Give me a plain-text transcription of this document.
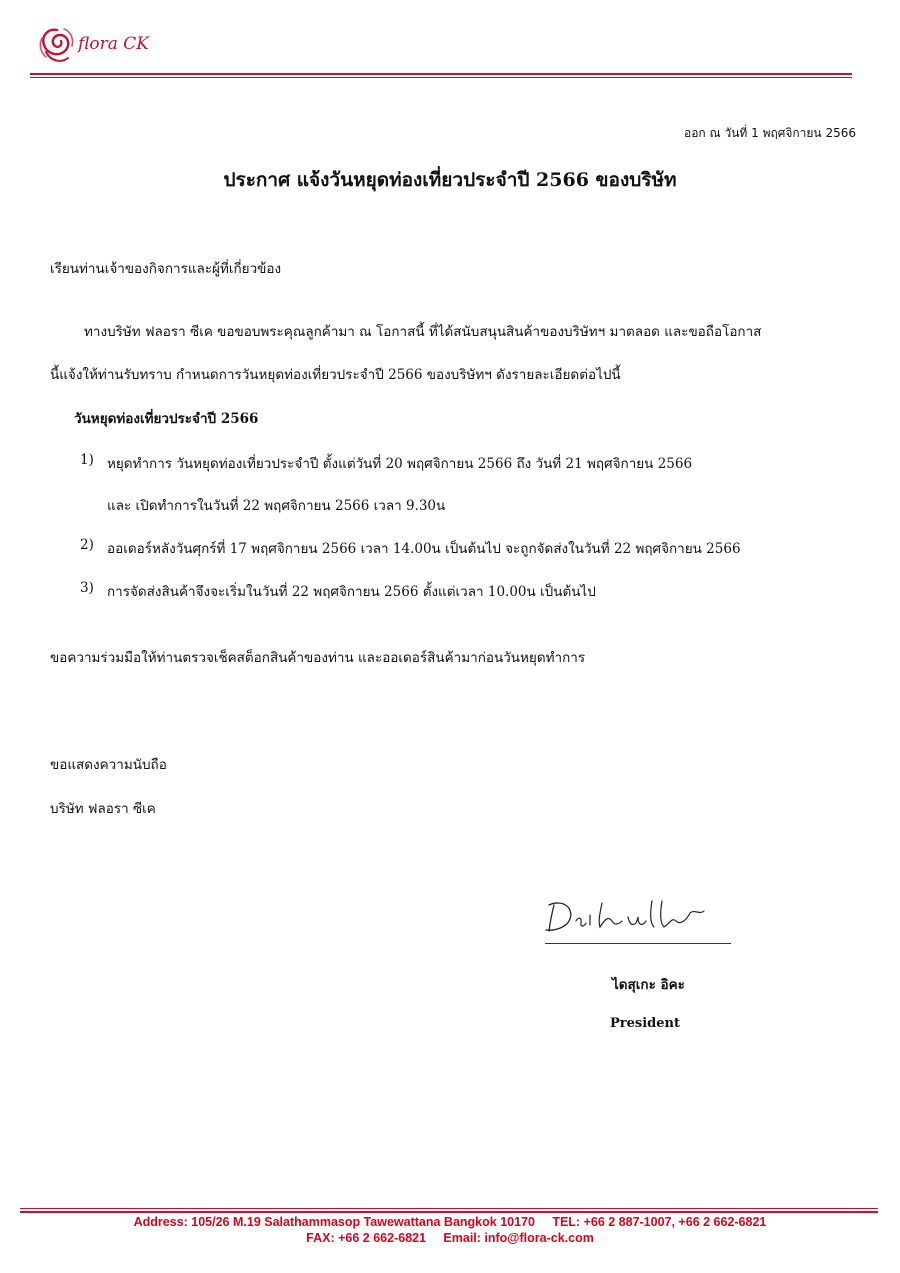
flora CK
ออก ณ วันที่ 1 พฤศจิกายน 2566
ประกาศ แจ้งวันหยุดท่องเที่ยวประจำปี 2566 ของบริษัท
เรียนท่านเจ้าของกิจการและผู้ที่เกี่ยวข้อง
ทางบริษัท ฟลอรา ซีเค ขอขอบพระคุณลูกค้ามา ณ โอกาสนี้ ที่ได้สนับสนุนสินค้าของบริษัทฯ มาตลอด และขอถือโอกาส
นี้แจ้งให้ท่านรับทราบ กำหนดการวันหยุดท่องเที่ยวประจำปี 2566 ของบริษัทฯ ดังรายละเอียดต่อไปนี้
วันหยุดท่องเที่ยวประจำปี 2566
1) หยุดทำการ วันหยุดท่องเที่ยวประจำปี ตั้งแต่วันที่ 20 พฤศจิกายน 2566 ถึง วันที่ 21 พฤศจิกายน 2566
และ เปิดทำการในวันที่ 22 พฤศจิกายน 2566 เวลา 9.30น
2) ออเดอร์หลังวันศุกร์ที่ 17 พฤศจิกายน 2566 เวลา 14.00น เป็นต้นไป จะถูกจัดส่งในวันที่ 22 พฤศจิกายน 2566
3) การจัดส่งสินค้าจึงจะเริ่มในวันที่ 22 พฤศจิกายน 2566 ตั้งแต่เวลา 10.00น เป็นต้นไป
ขอความร่วมมือให้ท่านตรวจเช็คสต็อกสินค้าของท่าน และออเดอร์สินค้ามาก่อนวันหยุดทำการ
ขอแสดงความนับถือ
บริษัท ฟลอรา ซีเค
ไดสุเกะ อิคะ
President
Address: 105/26 M.19 Salathammasop Tawewattana Bangkok 10170     TEL: +66 2 887-1007, +66 2 662-6821
FAX: +66 2 662-6821     Email: info@flora-ck.com
